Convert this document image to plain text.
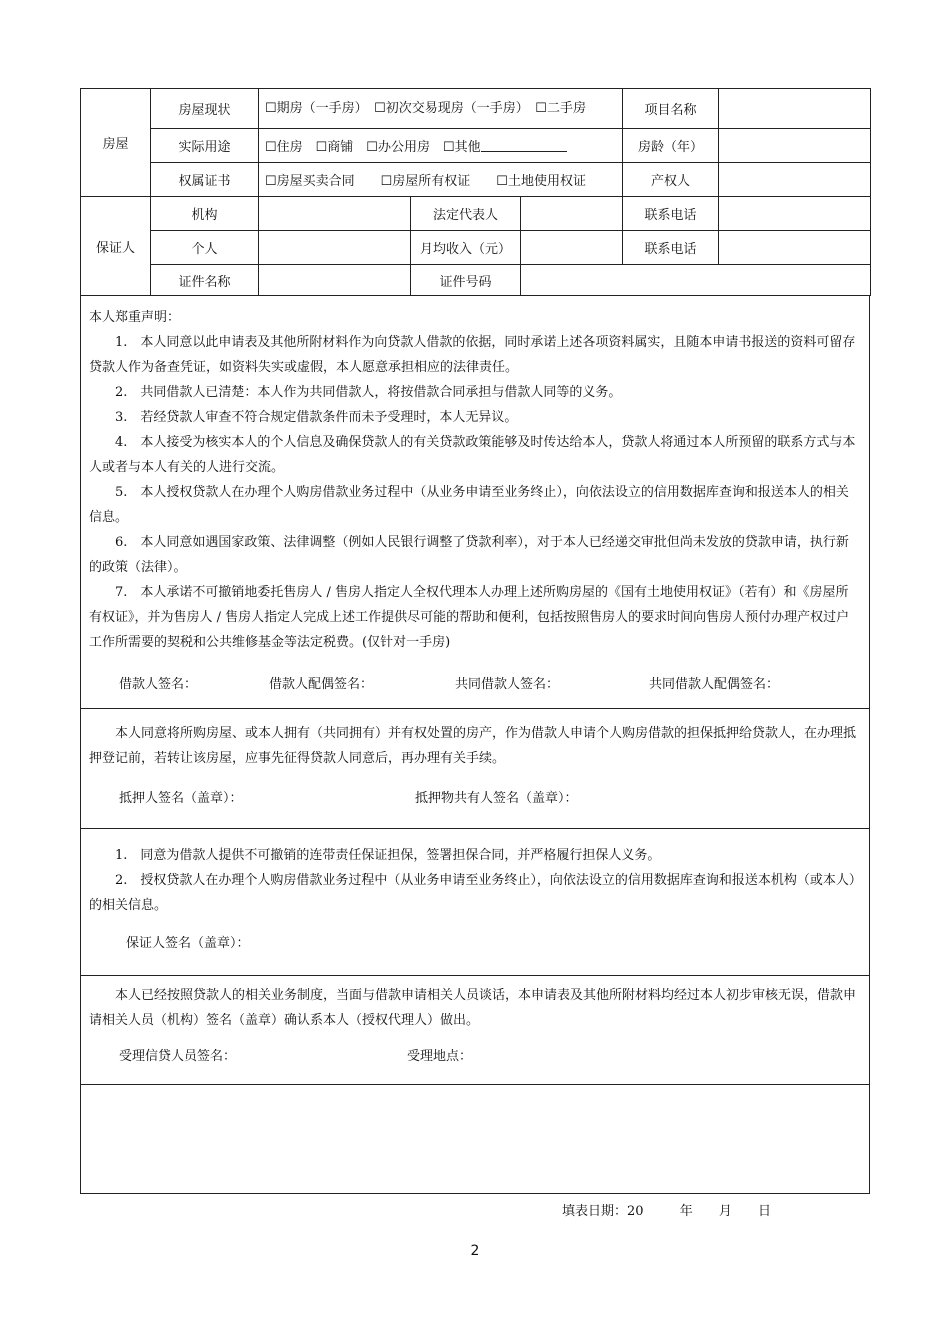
房屋	房屋现状	☐期房（一手房）　☐初次交易现房（一手房）　☐二手房			项目名称	
	实际用途	☐住房　☐商铺　☐办公用房　☐其他			房龄（年）	
	权属证书	☐房屋买卖合同　　☐房屋所有权证　　☐土地使用权证			产权人	
保证人	机构		法定代表人		联系电话	
	个人		月均收入（元）		联系电话	
	证件名称		证件号码			

本人郑重声明：

1.　本人同意以此申请表及其他所附材料作为向贷款人借款的依据，同时承诺上述各项资料属实，且随本申请书报送的资料可留存贷款人作为备查凭证，如资料失实或虚假，本人愿意承担相应的法律责任。

2.　共同借款人已清楚：本人作为共同借款人，将按借款合同承担与借款人同等的义务。

3.　若经贷款人审查不符合规定借款条件而未予受理时，本人无异议。

4.　本人接受为核实本人的个人信息及确保贷款人的有关贷款政策能够及时传达给本人，贷款人将通过本人所预留的联系方式与本人或者与本人有关的人进行交流。

5.　本人授权贷款人在办理个人购房借款业务过程中（从业务申请至业务终止），向依法设立的信用数据库查询和报送本人的相关信息。

6.　本人同意如遇国家政策、法律调整（例如人民银行调整了贷款利率），对于本人已经递交审批但尚未发放的贷款申请，执行新的政策（法律）。

7.　本人承诺不可撤销地委托售房人 / 售房人指定人全权代理本人办理上述所购房屋的《国有土地使用权证》（若有）和《房屋所有权证》，并为售房人 / 售房人指定人完成上述工作提供尽可能的帮助和便利，包括按照售房人的要求时间向售房人预付办理产权过户工作所需要的契税和公共维修基金等法定税费。(仅针对一手房)

借款人签名：	借款人配偶签名：	共同借款人签名：	共同借款人配偶签名：

本人同意将所购房屋、或本人拥有（共同拥有）并有权处置的房产，作为借款人申请个人购房借款的担保抵押给贷款人，在办理抵押登记前，若转让该房屋，应事先征得贷款人同意后，再办理有关手续。

抵押人签名（盖章）：	抵押物共有人签名（盖章）：

1.　同意为借款人提供不可撤销的连带责任保证担保，签署担保合同，并严格履行担保人义务。

2.　授权贷款人在办理个人购房借款业务过程中（从业务申请至业务终止），向依法设立的信用数据库查询和报送本机构（或本人）的相关信息。

保证人签名（盖章）：

本人已经按照贷款人的相关业务制度，当面与借款申请相关人员谈话，本申请表及其他所附材料均经过本人初步审核无误，借款申请相关人员（机构）签名（盖章）确认系本人（授权代理人）做出。

受理信贷人员签名：	受理地点：
填表日期：20	年 月 日
2
